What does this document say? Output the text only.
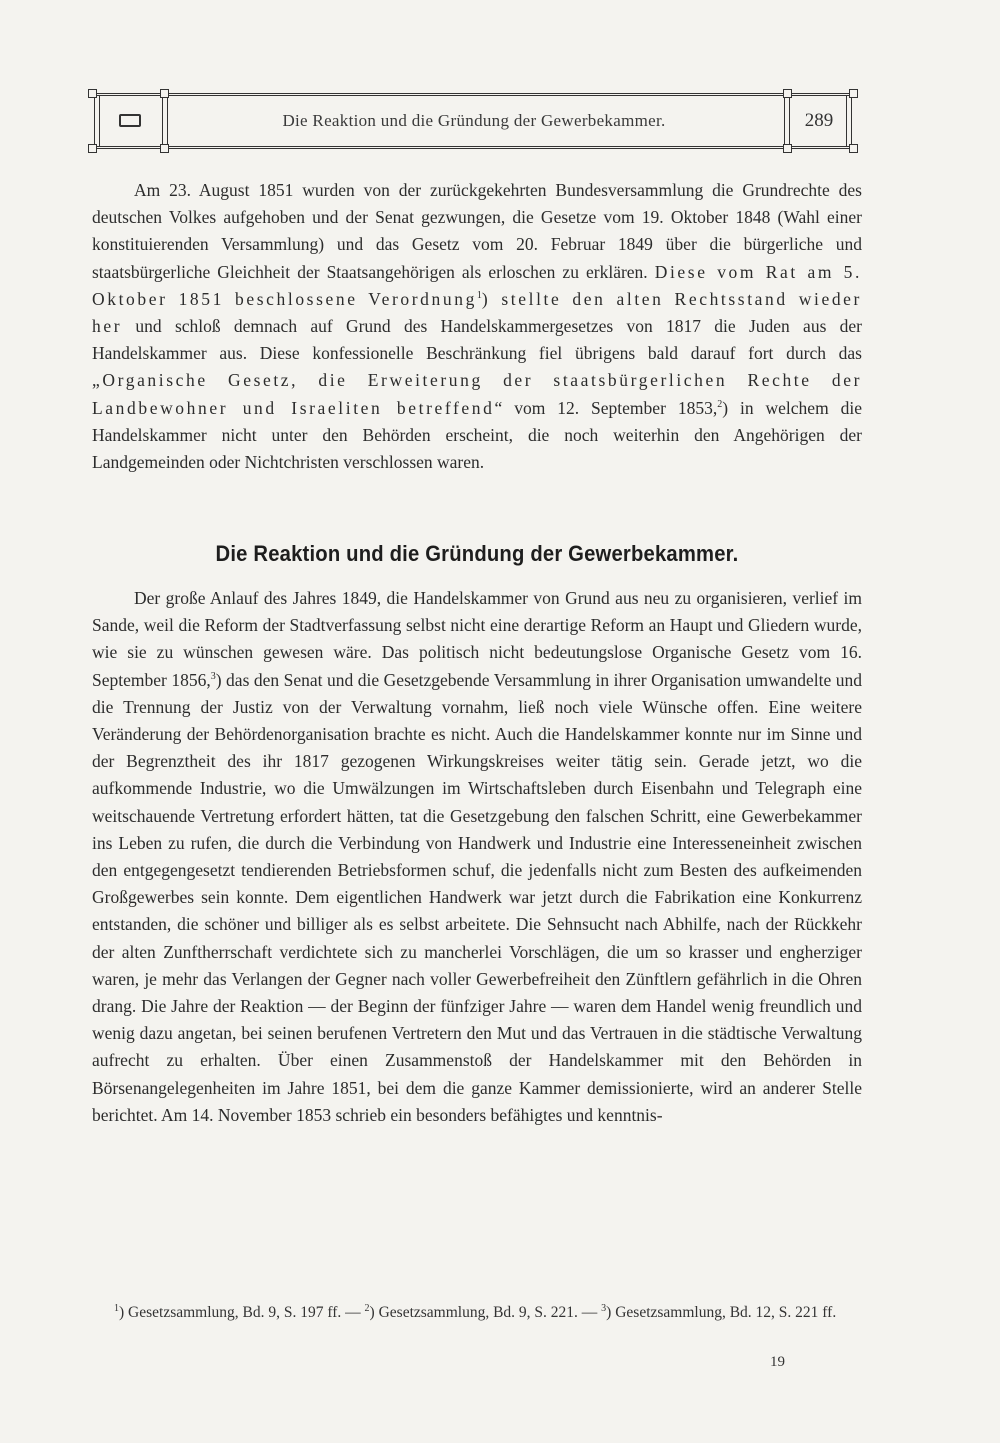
Die Reaktion und die Gründung der Gewerbekammer.	289

Am 23. August 1851 wurden von der zurückgekehrten Bundesversammlung die Grundrechte des deutschen Volkes aufgehoben und der Senat gezwungen, die Gesetze vom 19. Oktober 1848 (Wahl einer konstituierenden Versammlung) und das Gesetz vom 20. Februar 1849 über die bürgerliche und staatsbürgerliche Gleichheit der Staatsangehörigen als erloschen zu erklären. Diese vom Rat am 5. Oktober 1851 beschlossene Verordnung$^1$) stellte den alten Rechtsstand wieder her und schloß demnach auf Grund des Handelskammergesetzes von 1817 die Juden aus der Handelskammer aus. Diese konfessionelle Beschränkung fiel übrigens bald darauf fort durch das „Organische Gesetz, die Erweiterung der staatsbürgerlichen Rechte der Landbewohner und Israeliten betreffend“ vom 12. September 1853,$^2$) in welchem die Handelskammer nicht unter den Behörden erscheint, die noch weiterhin den Angehörigen der Landgemeinden oder Nichtchristen verschlossen waren.

Die Reaktion und die Gründung der Gewerbekammer.

Der große Anlauf des Jahres 1849, die Handelskammer von Grund aus neu zu organisieren, verlief im Sande, weil die Reform der Stadtverfassung selbst nicht eine derartige Reform an Haupt und Gliedern wurde, wie sie zu wünschen gewesen wäre. Das politisch nicht bedeutungslose Organische Gesetz vom 16. September 1856,$^3$) das den Senat und die Gesetzgebende Versammlung in ihrer Organisation umwandelte und die Trennung der Justiz von der Verwaltung vornahm, ließ noch viele Wünsche offen. Eine weitere Veränderung der Behördenorganisation brachte es nicht. Auch die Handelskammer konnte nur im Sinne und der Begrenztheit des ihr 1817 gezogenen Wirkungskreises weiter tätig sein. Gerade jetzt, wo die aufkommende Industrie, wo die Umwälzungen im Wirtschaftsleben durch Eisenbahn und Telegraph eine weitschauende Vertretung erfordert hätten, tat die Gesetzgebung den falschen Schritt, eine Gewerbekammer ins Leben zu rufen, die durch die Verbindung von Handwerk und Industrie eine Interesseneinheit zwischen den entgegengesetzt tendierenden Betriebsformen schuf, die jedenfalls nicht zum Besten des aufkeimenden Großgewerbes sein konnte. Dem eigentlichen Handwerk war jetzt durch die Fabrikation eine Konkurrenz entstanden, die schöner und billiger als es selbst arbeitete. Die Sehnsucht nach Abhilfe, nach der Rückkehr der alten Zunftherrschaft verdichtete sich zu mancherlei Vorschlägen, die um so krasser und engherziger waren, je mehr das Verlangen der Gegner nach voller Gewerbefreiheit den Zünftlern gefährlich in die Ohren drang. Die Jahre der Reaktion — der Beginn der fünfziger Jahre — waren dem Handel wenig freundlich und wenig dazu angetan, bei seinen berufenen Vertretern den Mut und das Vertrauen in die städtische Verwaltung aufrecht zu erhalten. Über einen Zusammenstoß der Handelskammer mit den Behörden in Börsenangelegenheiten im Jahre 1851, bei dem die ganze Kammer demissionierte, wird an anderer Stelle berichtet. Am 14. November 1853 schrieb ein besonders befähigtes und kenntnis-

$^1$) Gesetzsammlung, Bd. 9, S. 197 ff. — $^2$) Gesetzsammlung, Bd. 9, S. 221. — $^3$) Gesetzsammlung, Bd. 12, S. 221 ff.
19
